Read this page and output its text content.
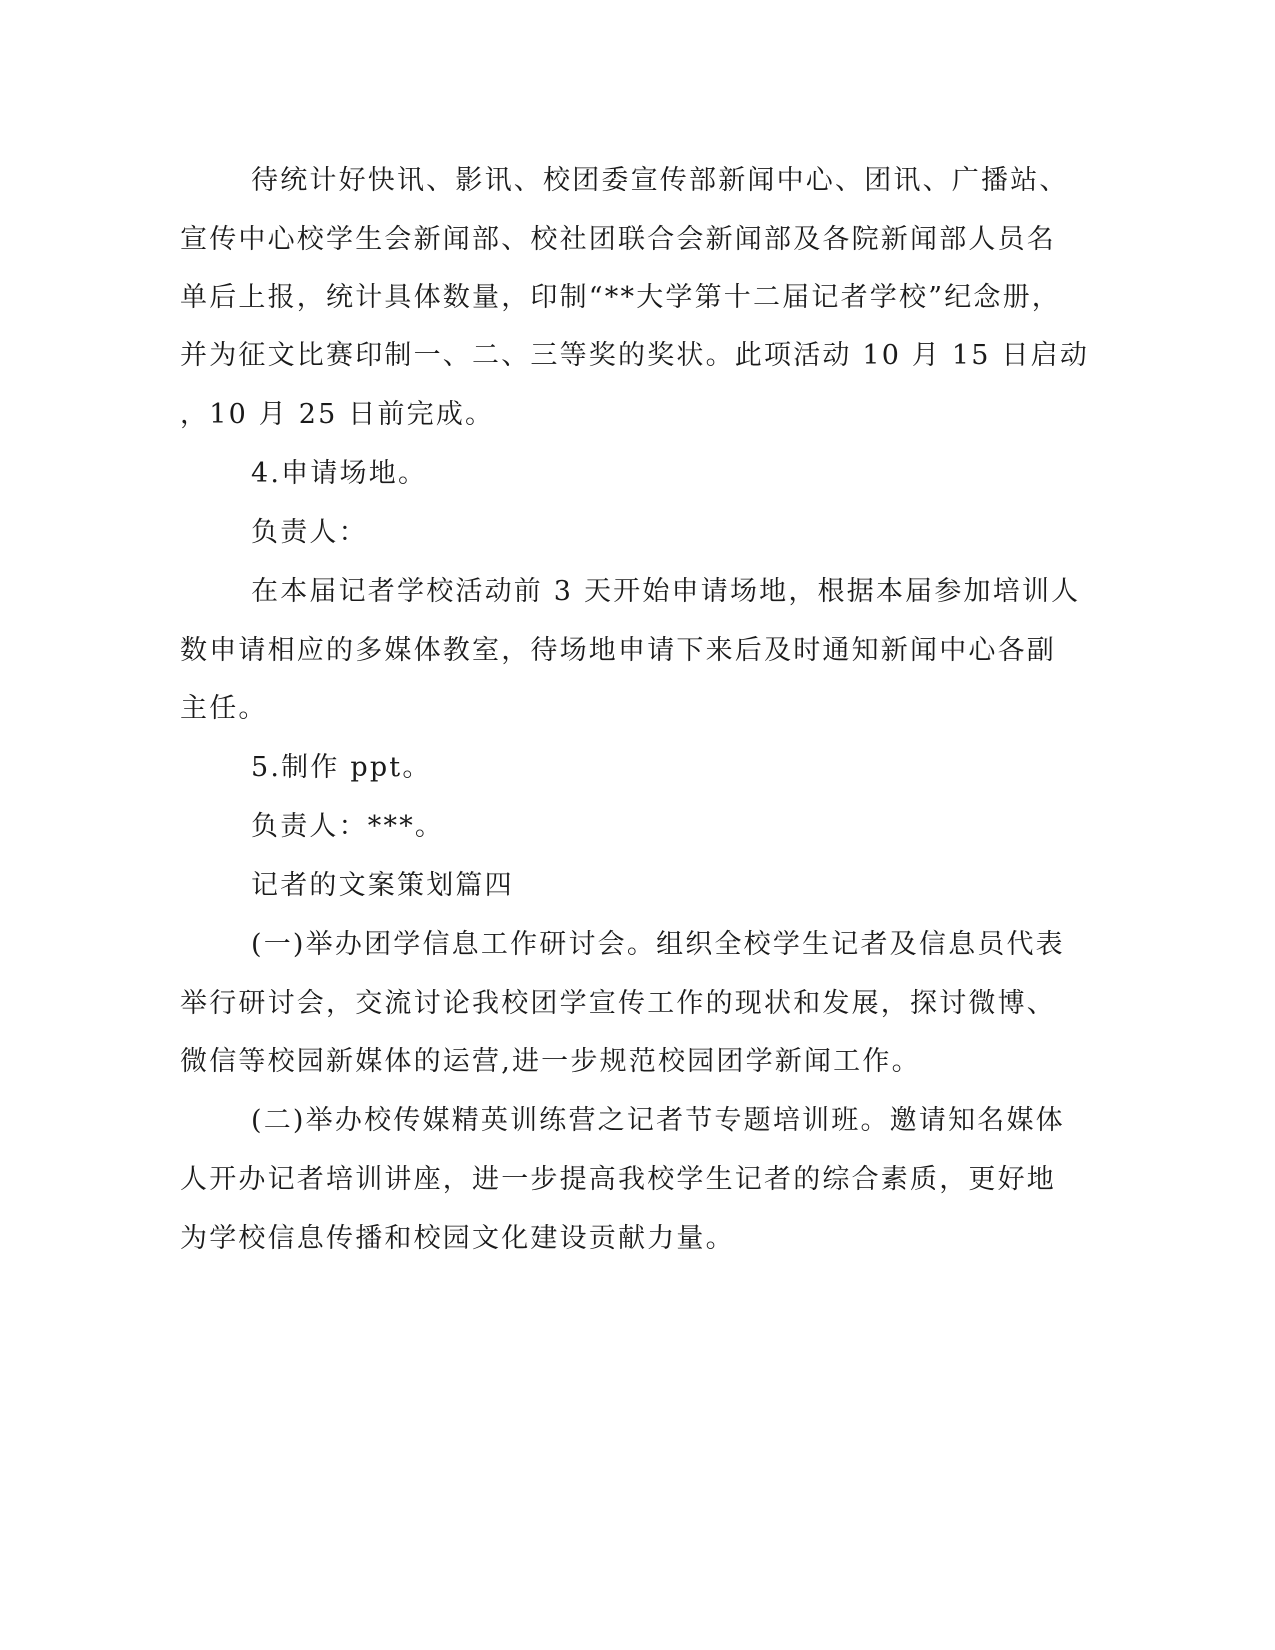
待统计好快讯、影讯、校团委宣传部新闻中心、团讯、广播站、

宣传中心校学生会新闻部、校社团联合会新闻部及各院新闻部人员名

单后上报，统计具体数量，印制“**大学第十二届记者学校”纪念册，

并为征文比赛印制一、二、三等奖的奖状。此项活动 10 月 15 日启动

，10 月 25 日前完成。

4.申请场地。

负责人：

在本届记者学校活动前 3 天开始申请场地，根据本届参加培训人

数申请相应的多媒体教室，待场地申请下来后及时通知新闻中心各副

主任。

5.制作 ppt。

负责人：***。

记者的文案策划篇四

(一)举办团学信息工作研讨会。组织全校学生记者及信息员代表

举行研讨会，交流讨论我校团学宣传工作的现状和发展，探讨微博、

微信等校园新媒体的运营,进一步规范校园团学新闻工作。

(二)举办校传媒精英训练营之记者节专题培训班。邀请知名媒体

人开办记者培训讲座，进一步提高我校学生记者的综合素质，更好地

为学校信息传播和校园文化建设贡献力量。
